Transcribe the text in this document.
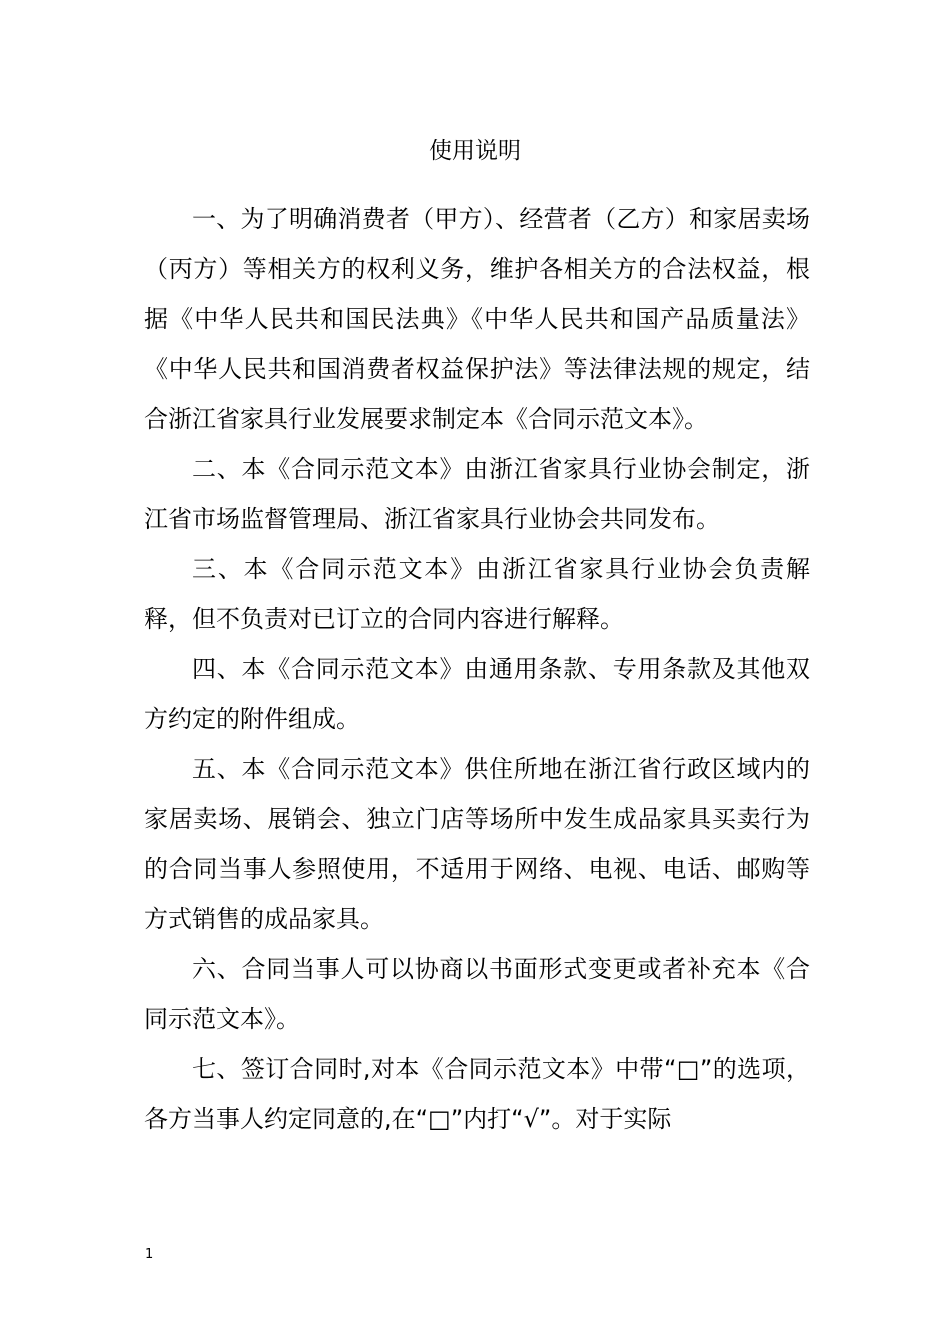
使用说明

一、为了明确消费者（甲方）、经营者（乙方）和家居卖场（丙方）等相关方的权利义务，维护各相关方的合法权益，根据《中华人民共和国民法典》《中华人民共和国产品质量法》《中华人民共和国消费者权益保护法》等法律法规的规定，结合浙江省家具行业发展要求制定本《合同示范文本》。

二、本《合同示范文本》由浙江省家具行业协会制定，浙江省市场监督管理局、浙江省家具行业协会共同发布。

三、本《合同示范文本》由浙江省家具行业协会负责解释，但不负责对已订立的合同内容进行解释。

四、本《合同示范文本》由通用条款、专用条款及其他双方约定的附件组成。

五、本《合同示范文本》供住所地在浙江省行政区域内的家居卖场、展销会、独立门店等场所中发生成品家具买卖行为的合同当事人参照使用，不适用于网络、电视、电话、邮购等方式销售的成品家具。

六、合同当事人可以协商以书面形式变更或者补充本《合同示范文本》。

七、签订合同时,对本《合同示范文本》中带“□”的选项，各方当事人约定同意的,在“□”内打“√”。对于实际

1
